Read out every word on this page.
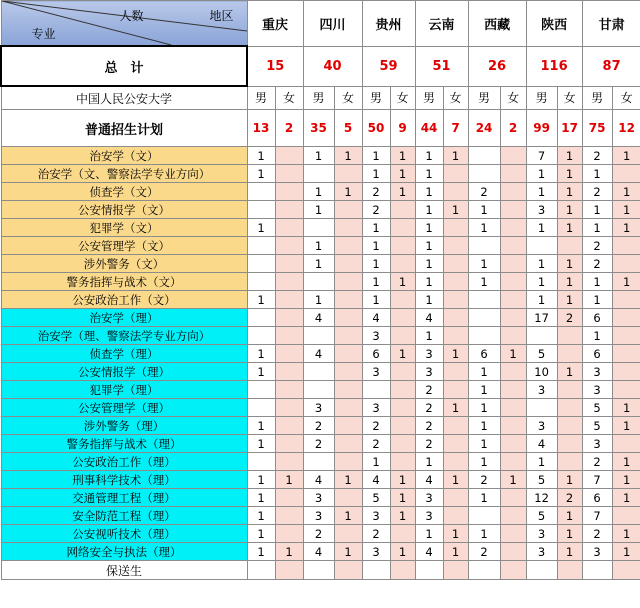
人数 地区
专业	重庆		四川		贵州		云南		西藏		陕西		甘肃	
总　计	15		40		59		51		26		116		87	
中国人民公安大学	男	女	男	女	男	女	男	女	男	女	男	女	男	女
普通招生计划	13	2	35	5	50	9	44	7	24	2	99	17	75	12
治安学（文）	1		1	1	1	1	1	1			7	1	2	1
治安学（文、警察法学专业方向）	1				1	1	1				1	1	1	
侦查学（文）			1	1	2	1	1		2		1	1	2	1
公安情报学（文）			1		2		1	1	1		3	1	1	1
犯罪学（文）	1				1		1		1		1	1	1	1
公安管理学（文）			1		1		1						2	
涉外警务（文）			1		1		1		1		1	1	2	
警务指挥与战术（文）					1	1	1		1		1	1	1	1
公安政治工作（文）	1		1		1		1				1	1	1	
治安学（理）			4		4		4				17	2	6	
治安学（理、警察法学专业方向）					3		1						1	
侦查学（理）	1		4		6	1	3	1	6	1	5		6	
公安情报学（理）	1				3		3		1		10	1	3	
犯罪学（理）							2		1		3		3	
公安管理学（理）			3		3		2	1	1				5	1
涉外警务（理）	1		2		2		2		1		3		5	1
警务指挥与战术（理）	1		2		2		2		1		4		3	
公安政治工作（理）					1		1		1		1		2	1
刑事科学技术（理）	1	1	4	1	4	1	4	1	2	1	5	1	7	1
交通管理工程（理）	1		3		5	1	3		1		12	2	6	1
安全防范工程（理）	1		3	1	3	1	3				5	1	7	
公安视听技术（理）	1		2		2		1	1	1		3	1	2	1
网络安全与执法（理）	1	1	4	1	3	1	4	1	2		3	1	3	1
保送生														
